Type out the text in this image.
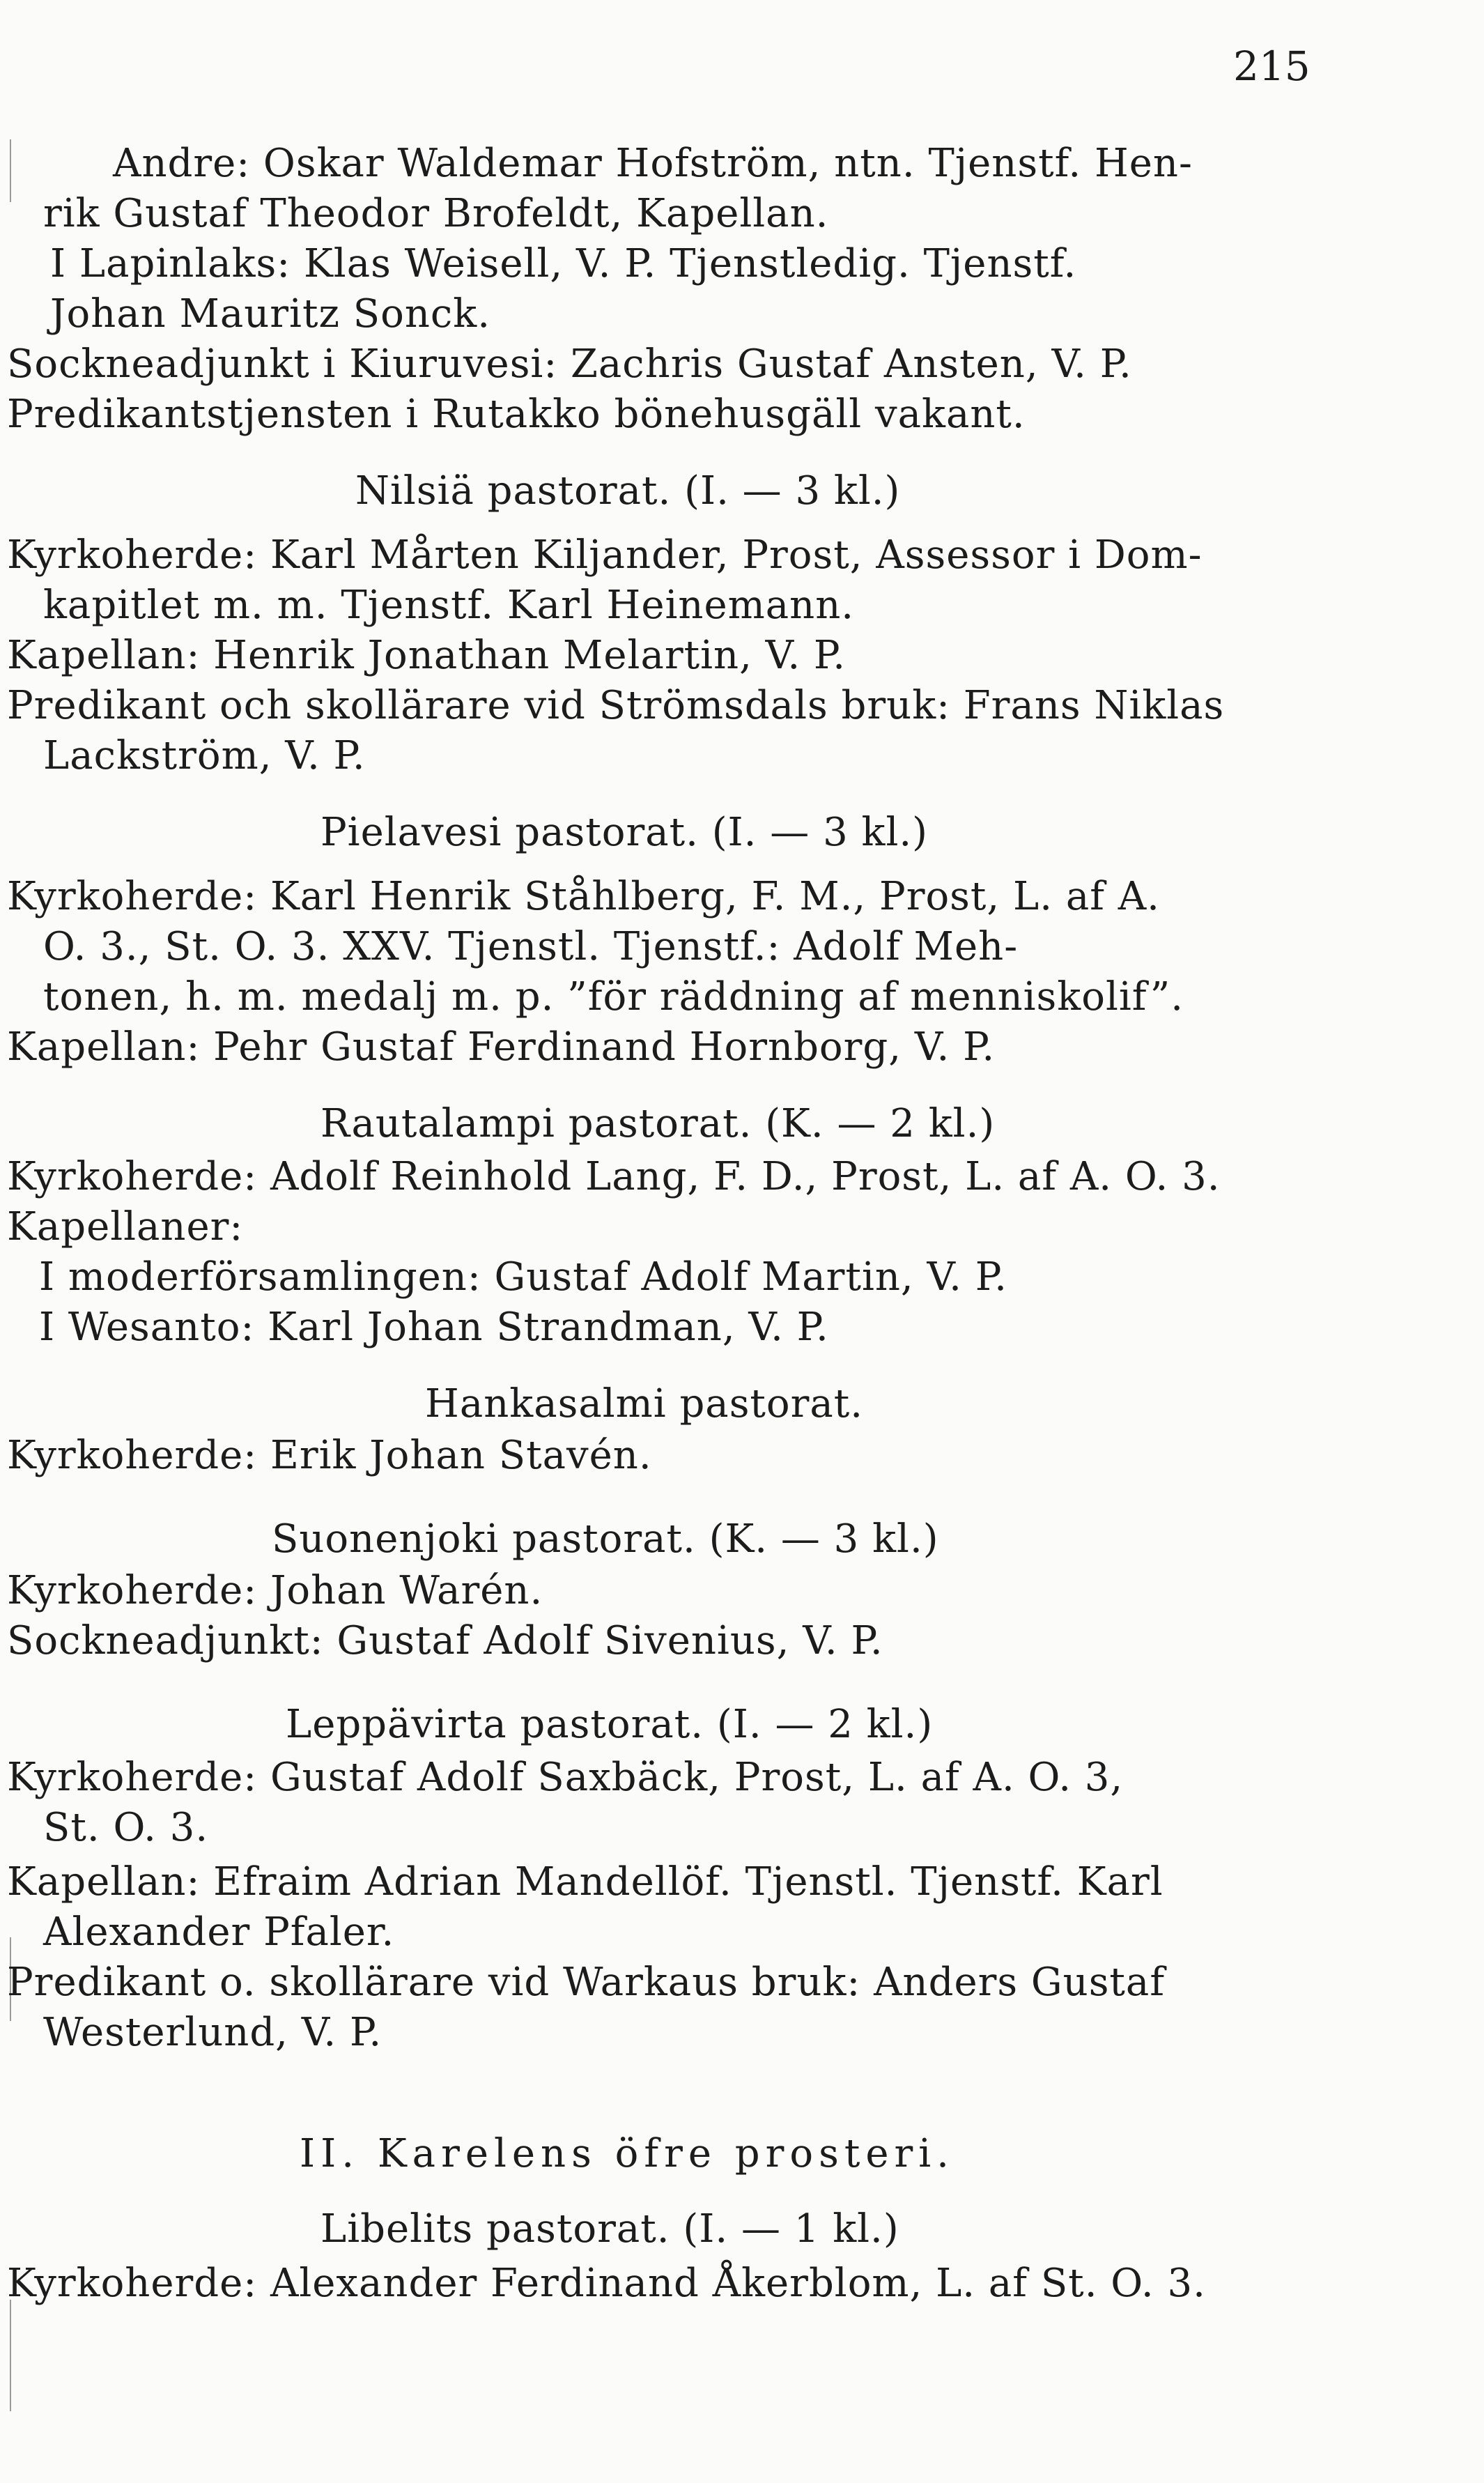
215
Andre: Oskar Waldemar Hofström, ntn. Tjenstf. Hen-
rik Gustaf Theodor Brofeldt, Kapellan.
I Lapinlaks: Klas Weisell, V. P. Tjenstledig. Tjenstf.
Johan Mauritz Sonck.
Sockneadjunkt i Kiuruvesi: Zachris Gustaf Ansten, V. P.
Predikantstjensten i Rutakko bönehusgäll vakant.
Nilsiä pastorat. (I. — 3 kl.)
Kyrkoherde: Karl Mårten Kiljander, Prost, Assessor i Dom-
kapitlet m. m. Tjenstf. Karl Heinemann.
Kapellan: Henrik Jonathan Melartin, V. P.
Predikant och skollärare vid Strömsdals bruk: Frans Niklas
Lackström, V. P.
Pielavesi pastorat. (I. — 3 kl.)
Kyrkoherde: Karl Henrik Ståhlberg, F. M., Prost, L. af A.
O. 3., St. O. 3. XXV. Tjenstl. Tjenstf.: Adolf Meh-
tonen, h. m. medalj m. p. ”för räddning af menniskolif”.
Kapellan: Pehr Gustaf Ferdinand Hornborg, V. P.
Rautalampi pastorat. (K. — 2 kl.)
Kyrkoherde: Adolf Reinhold Lang, F. D., Prost, L. af A. O. 3.
Kapellaner:
I moderförsamlingen: Gustaf Adolf Martin, V. P.
I Wesanto: Karl Johan Strandman, V. P.
Hankasalmi pastorat.
Kyrkoherde: Erik Johan Stavén.
Suonenjoki pastorat. (K. — 3 kl.)
Kyrkoherde: Johan Warén.
Sockneadjunkt: Gustaf Adolf Sivenius, V. P.
Leppävirta pastorat. (I. — 2 kl.)
Kyrkoherde: Gustaf Adolf Saxbäck, Prost, L. af A. O. 3,
St. O. 3.
Kapellan: Efraim Adrian Mandellöf. Tjenstl. Tjenstf. Karl
Alexander Pfaler.
Predikant o. skollärare vid Warkaus bruk: Anders Gustaf
Westerlund, V. P.
II. Karelens öfre prosteri.
Libelits pastorat. (I. — 1 kl.)
Kyrkoherde: Alexander Ferdinand Åkerblom, L. af St. O. 3.
